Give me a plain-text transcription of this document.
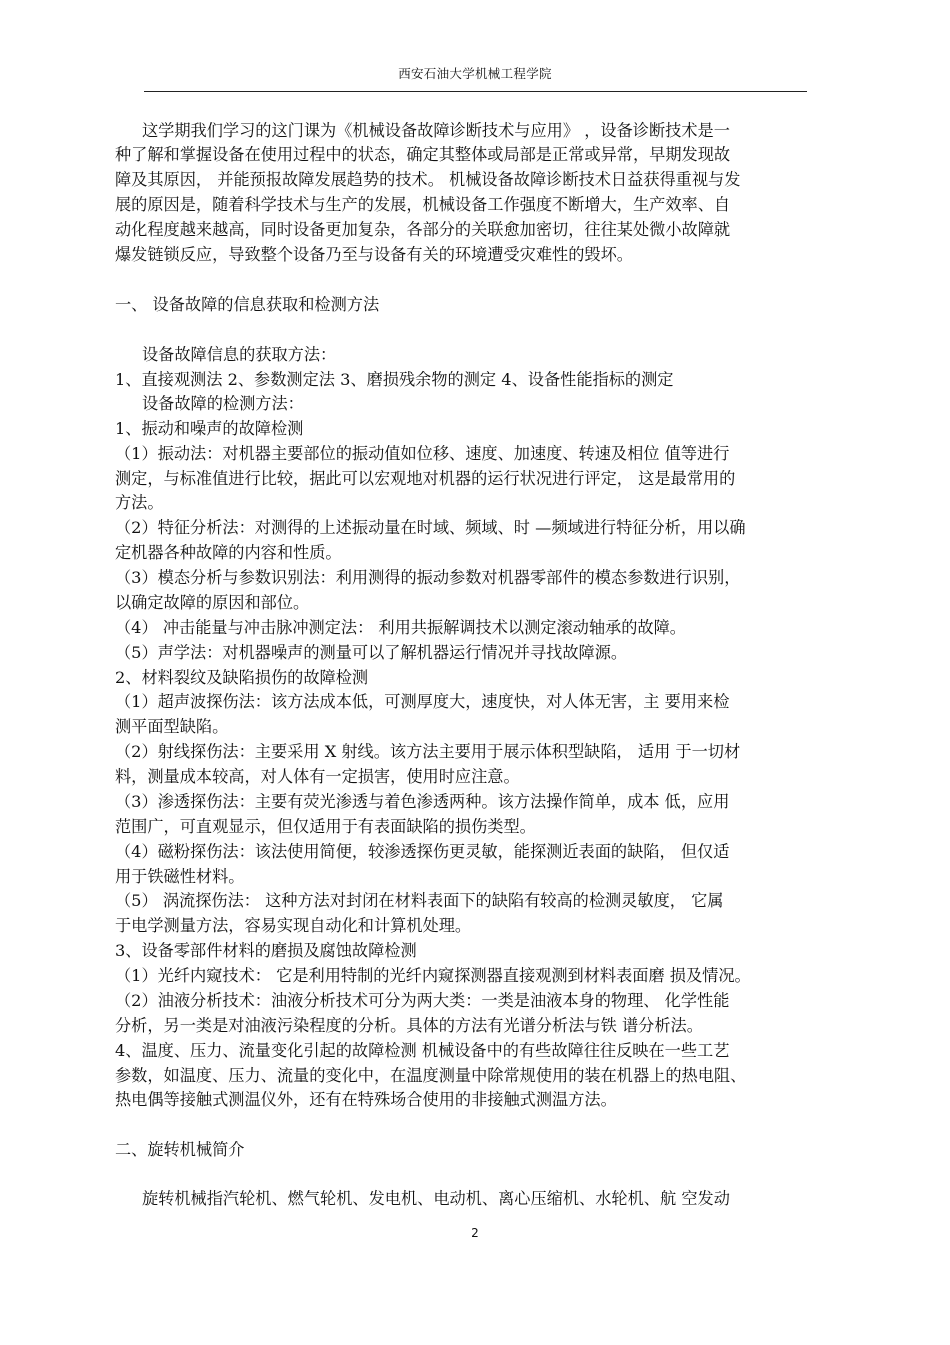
西安石油大学机械工程学院
这学期我们学习的这门课为《机械设备故障诊断技术与应用》 ，设备诊断技术是一
种了解和掌握设备在使用过程中的状态，确定其整体或局部是正常或异常，早期发现故
障及其原因， 并能预报故障发展趋势的技术。 机械设备故障诊断技术日益获得重视与发
展的原因是，随着科学技术与生产的发展，机械设备工作强度不断增大，生产效率、自
动化程度越来越高，同时设备更加复杂，各部分的关联愈加密切，往往某处微小故障就
爆发链锁反应，导致整个设备乃至与设备有关的环境遭受灾难性的毁坏。
一、 设备故障的信息获取和检测方法
设备故障信息的获取方法：
1、直接观测法 2、参数测定法 3、磨损残余物的测定 4、设备性能指标的测定
设备故障的检测方法：
1、振动和噪声的故障检测
（1）振动法：对机器主要部位的振动值如位移、速度、加速度、转速及相位 值等进行
测定，与标准值进行比较，据此可以宏观地对机器的运行状况进行评定， 这是最常用的
方法。
（2）特征分析法：对测得的上述振动量在时域、频域、时 —频域进行特征分析，用以确
定机器各种故障的内容和性质。
（3）模态分析与参数识别法：利用测得的振动参数对机器零部件的模态参数进行识别，
以确定故障的原因和部位。
（4） 冲击能量与冲击脉冲测定法： 利用共振解调技术以测定滚动轴承的故障。
（5）声学法：对机器噪声的测量可以了解机器运行情况并寻找故障源。
2、材料裂纹及缺陷损伤的故障检测
（1）超声波探伤法：该方法成本低，可测厚度大，速度快，对人体无害，主 要用来检
测平面型缺陷。
（2）射线探伤法：主要采用 X 射线。该方法主要用于展示体积型缺陷， 适用 于一切材
料，测量成本较高，对人体有一定损害，使用时应注意。
（3）渗透探伤法：主要有荧光渗透与着色渗透两种。该方法操作简单，成本 低，应用
范围广，可直观显示，但仅适用于有表面缺陷的损伤类型。
（4）磁粉探伤法：该法使用简便，较渗透探伤更灵敏，能探测近表面的缺陷， 但仅适
用于铁磁性材料。
（5） 涡流探伤法： 这种方法对封闭在材料表面下的缺陷有较高的检测灵敏度， 它属
于电学测量方法，容易实现自动化和计算机处理。
3、设备零部件材料的磨损及腐蚀故障检测
（1）光纤内窥技术： 它是利用特制的光纤内窥探测器直接观测到材料表面磨 损及情况。
（2）油液分析技术：油液分析技术可分为两大类：一类是油液本身的物理、 化学性能
分析，另一类是对油液污染程度的分析。具体的方法有光谱分析法与铁 谱分析法。
4、温度、压力、流量变化引起的故障检测 机械设备中的有些故障往往反映在一些工艺
参数，如温度、压力、流量的变化中，在温度测量中除常规使用的装在机器上的热电阻、
热电偶等接触式测温仪外，还有在特殊场合使用的非接触式测温方法。
二、旋转机械简介
旋转机械指汽轮机、燃气轮机、发电机、电动机、离心压缩机、水轮机、航 空发动
2
